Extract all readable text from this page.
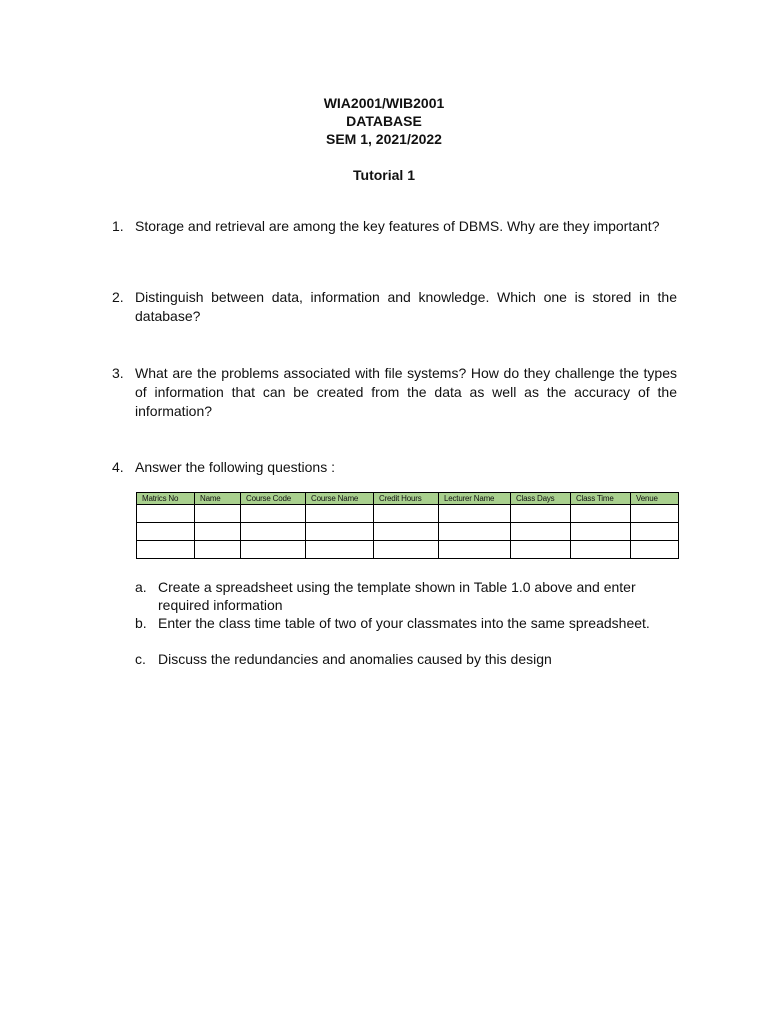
WIA2001/WIB2001
DATABASE
SEM 1, 2021/2022
Tutorial 1
1. Storage and retrieval are among the key features of DBMS. Why are they important?
2. Distinguish between data, information and knowledge. Which one is stored in the database?
3. What are the problems associated with file systems? How do they challenge the types of information that can be created from the data as well as the accuracy of the information?
4. Answer the following questions :
Matrics No	Name	Course Code	Course Name	Credit Hours	Lecturer Name	Class Days	Class Time	Venue

a. Create a spreadsheet using the template shown in Table 1.0 above and enter required information
b. Enter the class time table of two of your classmates into the same spreadsheet.
c. Discuss the redundancies and anomalies caused by this design
